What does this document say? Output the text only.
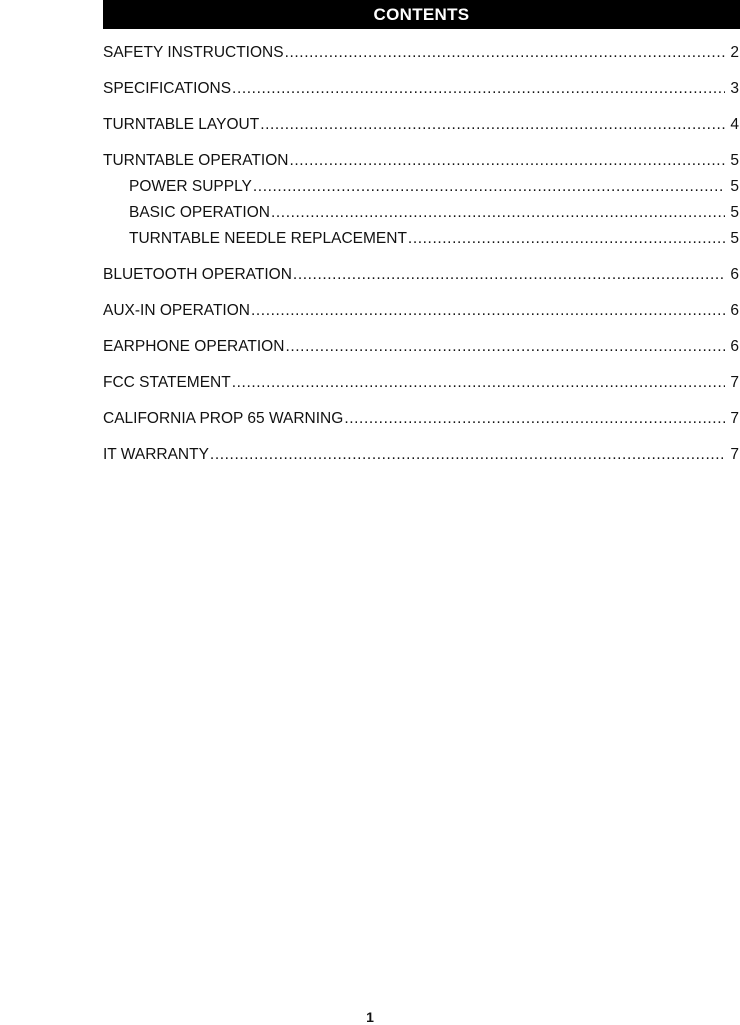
CONTENTS
SAFETY INSTRUCTIONS .....	2
SPECIFICATIONS .....	3
TURNTABLE LAYOUT .....	4
TURNTABLE OPERATION .....	5
POWER SUPPLY .....	5
BASIC OPERATION .....	5
TURNTABLE NEEDLE REPLACEMENT .....	5
BLUETOOTH OPERATION .....	6
AUX-IN OPERATION .....	6
EARPHONE OPERATION .....	6
FCC STATEMENT .....	7
CALIFORNIA PROP 65 WARNING .....	7
IT WARRANTY .....	7
1
